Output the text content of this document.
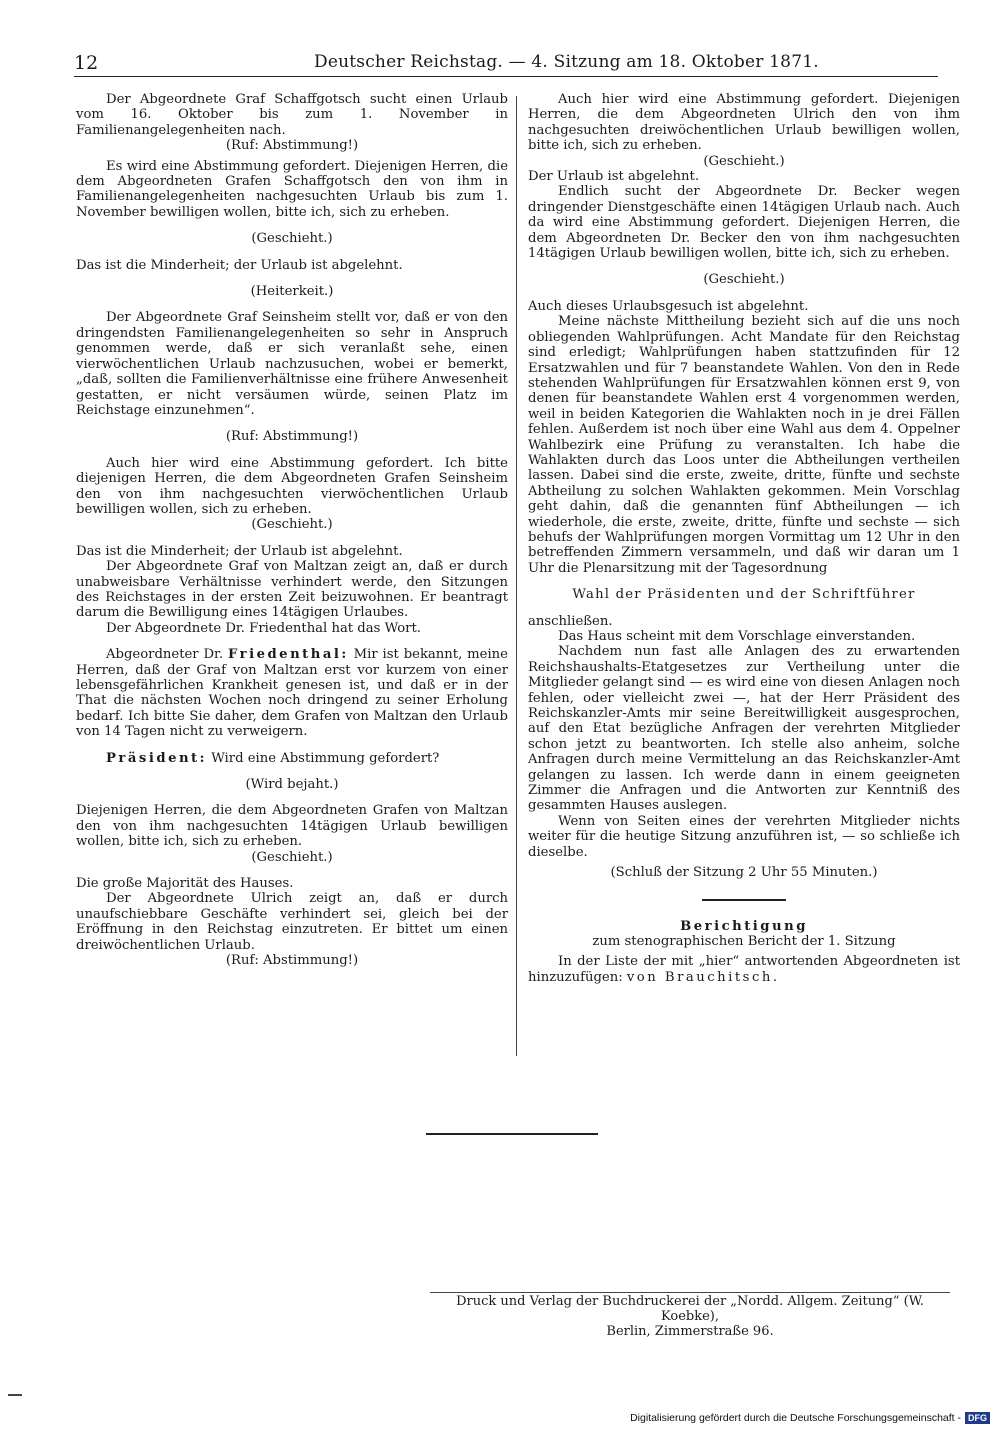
12	Deutscher Reichstag. — 4. Sitzung am 18. Oktober 1871.

Der Abgeordnete Graf Schaffgotsch sucht einen Urlaub vom 16. Oktober bis zum 1. November in Familienangelegenheiten nach.

(Ruf: Abstimmung!)

Es wird eine Abstimmung gefordert. Diejenigen Herren, die dem Abgeordneten Grafen Schaffgotsch den von ihm in Familienangelegenheiten nachgesuchten Urlaub bis zum 1. November bewilligen wollen, bitte ich, sich zu erheben.

(Geschieht.)

Das ist die Minderheit; der Urlaub ist abgelehnt.

(Heiterkeit.)

Der Abgeordnete Graf Seinsheim stellt vor, daß er von den dringendsten Familienangelegenheiten so sehr in Anspruch genommen werde, daß er sich veranlaßt sehe, einen vierwöchentlichen Urlaub nachzusuchen, wobei er bemerkt, „daß, sollten die Familienverhältnisse eine frühere Anwesenheit gestatten, er nicht versäumen würde, seinen Platz im Reichstage einzunehmen“.

(Ruf: Abstimmung!)

Auch hier wird eine Abstimmung gefordert. Ich bitte diejenigen Herren, die dem Abgeordneten Grafen Seinsheim den von ihm nachgesuchten vierwöchentlichen Urlaub bewilligen wollen, sich zu erheben.

(Geschieht.)

Das ist die Minderheit; der Urlaub ist abgelehnt.

Der Abgeordnete Graf von Maltzan zeigt an, daß er durch unabweisbare Verhältnisse verhindert werde, den Sitzungen des Reichstages in der ersten Zeit beizuwohnen. Er beantragt darum die Bewilligung eines 14tägigen Urlaubes.

Der Abgeordnete Dr. Friedenthal hat das Wort.

Abgeordneter Dr. Friedenthal: Mir ist bekannt, meine Herren, daß der Graf von Maltzan erst vor kurzem von einer lebensgefährlichen Krankheit genesen ist, und daß er in der That die nächsten Wochen noch dringend zu seiner Erholung bedarf. Ich bitte Sie daher, dem Grafen von Maltzan den Urlaub von 14 Tagen nicht zu verweigern.

Präsident: Wird eine Abstimmung gefordert?

(Wird bejaht.)

Diejenigen Herren, die dem Abgeordneten Grafen von Maltzan den von ihm nachgesuchten 14tägigen Urlaub bewilligen wollen, bitte ich, sich zu erheben.

(Geschieht.)

Die große Majorität des Hauses.

Der Abgeordnete Ulrich zeigt an, daß er durch unaufschiebbare Geschäfte verhindert sei, gleich bei der Eröffnung in den Reichstag einzutreten. Er bittet um einen dreiwöchentlichen Urlaub.

(Ruf: Abstimmung!)

Auch hier wird eine Abstimmung gefordert. Diejenigen Herren, die dem Abgeordneten Ulrich den von ihm nachgesuchten dreiwöchentlichen Urlaub bewilligen wollen, bitte ich, sich zu erheben.

(Geschieht.)

Der Urlaub ist abgelehnt.

Endlich sucht der Abgeordnete Dr. Becker wegen dringender Dienstgeschäfte einen 14tägigen Urlaub nach. Auch da wird eine Abstimmung gefordert. Diejenigen Herren, die dem Abgeordneten Dr. Becker den von ihm nachgesuchten 14tägigen Urlaub bewilligen wollen, bitte ich, sich zu erheben.

(Geschieht.)

Auch dieses Urlaubsgesuch ist abgelehnt.

Meine nächste Mittheilung bezieht sich auf die uns noch obliegenden Wahlprüfungen. Acht Mandate für den Reichstag sind erledigt; Wahlprüfungen haben stattzufinden für 12 Ersatzwahlen und für 7 beanstandete Wahlen. Von den in Rede stehenden Wahlprüfungen für Ersatzwahlen können erst 9, von denen für beanstandete Wahlen erst 4 vorgenommen werden, weil in beiden Kategorien die Wahlakten noch in je drei Fällen fehlen. Außerdem ist noch über eine Wahl aus dem 4. Oppelner Wahlbezirk eine Prüfung zu veranstalten. Ich habe die Wahlakten durch das Loos unter die Abtheilungen vertheilen lassen. Dabei sind die erste, zweite, dritte, fünfte und sechste Abtheilung zu solchen Wahlakten gekommen. Mein Vorschlag geht dahin, daß die genannten fünf Abtheilungen — ich wiederhole, die erste, zweite, dritte, fünfte und sechste — sich behufs der Wahlprüfungen morgen Vormittag um 12 Uhr in den betreffenden Zimmern versammeln, und daß wir daran um 1 Uhr die Plenarsitzung mit der Tagesordnung

Wahl der Präsidenten und der Schriftführer

anschließen.

Das Haus scheint mit dem Vorschlage einverstanden.

Nachdem nun fast alle Anlagen des zu erwartenden Reichshaushalts-Etatgesetzes zur Vertheilung unter die Mitglieder gelangt sind — es wird eine von diesen Anlagen noch fehlen, oder vielleicht zwei —, hat der Herr Präsident des Reichskanzler-Amts mir seine Bereitwilligkeit ausgesprochen, auf den Etat bezügliche Anfragen der verehrten Mitglieder schon jetzt zu beantworten. Ich stelle also anheim, solche Anfragen durch meine Vermittelung an das Reichskanzler-Amt gelangen zu lassen. Ich werde dann in einem geeigneten Zimmer die Anfragen und die Antworten zur Kenntniß des gesammten Hauses auslegen.

Wenn von Seiten eines der verehrten Mitglieder nichts weiter für die heutige Sitzung anzuführen ist, — so schließe ich dieselbe.

(Schluß der Sitzung 2 Uhr 55 Minuten.)

Berichtigung

zum stenographischen Bericht der 1. Sitzung

In der Liste der mit „hier“ antwortenden Abgeordneten ist hinzuzufügen: von Brauchitsch.

Druck und Verlag der Buchdruckerei der „Nordd. Allgem. Zeitung“ (W. Koebke),
Berlin, Zimmerstraße 96.
Digitalisierung gefördert durch die Deutsche Forschungsgemeinschaft - DFG
